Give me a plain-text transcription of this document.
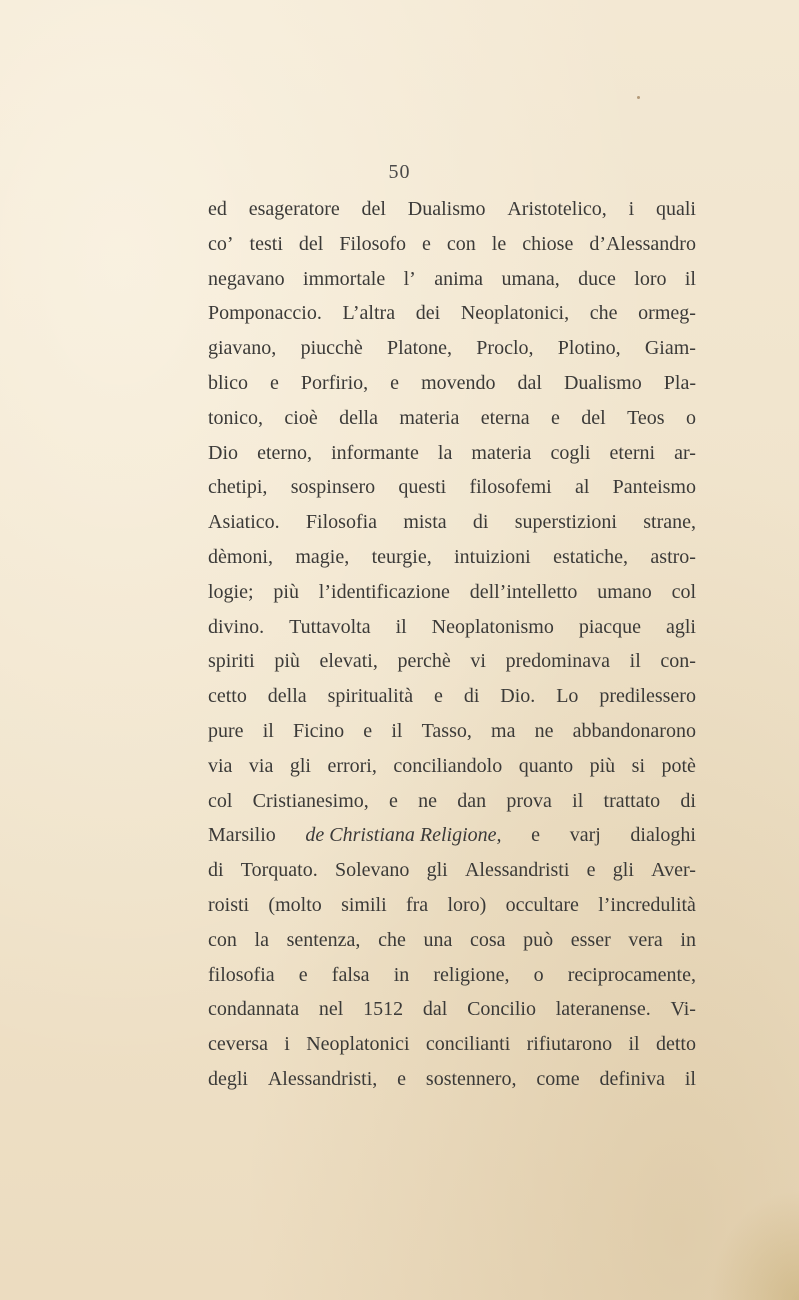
50
ed esageratore del Dualismo Aristotelico, i quali
co’ testi del Filosofo e con le chiose d’Alessandro
negavano immortale l’ anima umana, duce loro il
Pomponaccio. L’altra dei Neoplatonici, che ormeg-
giavano, piucchè Platone, Proclo, Plotino, Giam-
blico e Porfirio, e movendo dal Dualismo Pla-
tonico, cioè della materia eterna e del Teos o
Dio eterno, informante la materia cogli eterni ar-
chetipi, sospinsero questi filosofemi al Panteismo
Asiatico. Filosofia mista di superstizioni strane,
dèmoni, magie, teurgie, intuizioni estatiche, astro-
logie; più l’identificazione dell’intelletto umano col
divino. Tuttavolta il Neoplatonismo piacque agli
spiriti più elevati, perchè vi predominava il con-
cetto della spiritualità e di Dio. Lo predilessero
pure il Ficino e il Tasso, ma ne abbandonarono
via via gli errori, conciliandolo quanto più si potè
col Cristianesimo, e ne dan prova il trattato di
Marsilio de Christiana Religione, e varj dialoghi
di Torquato. Solevano gli Alessandristi e gli Aver-
roisti (molto simili fra loro) occultare l’incredulità
con la sentenza, che una cosa può esser vera in
filosofia e falsa in religione, o reciprocamente,
condannata nel 1512 dal Concilio lateranense. Vi-
ceversa i Neoplatonici concilianti rifiutarono il detto
degli Alessandristi, e sostennero, come definiva il
